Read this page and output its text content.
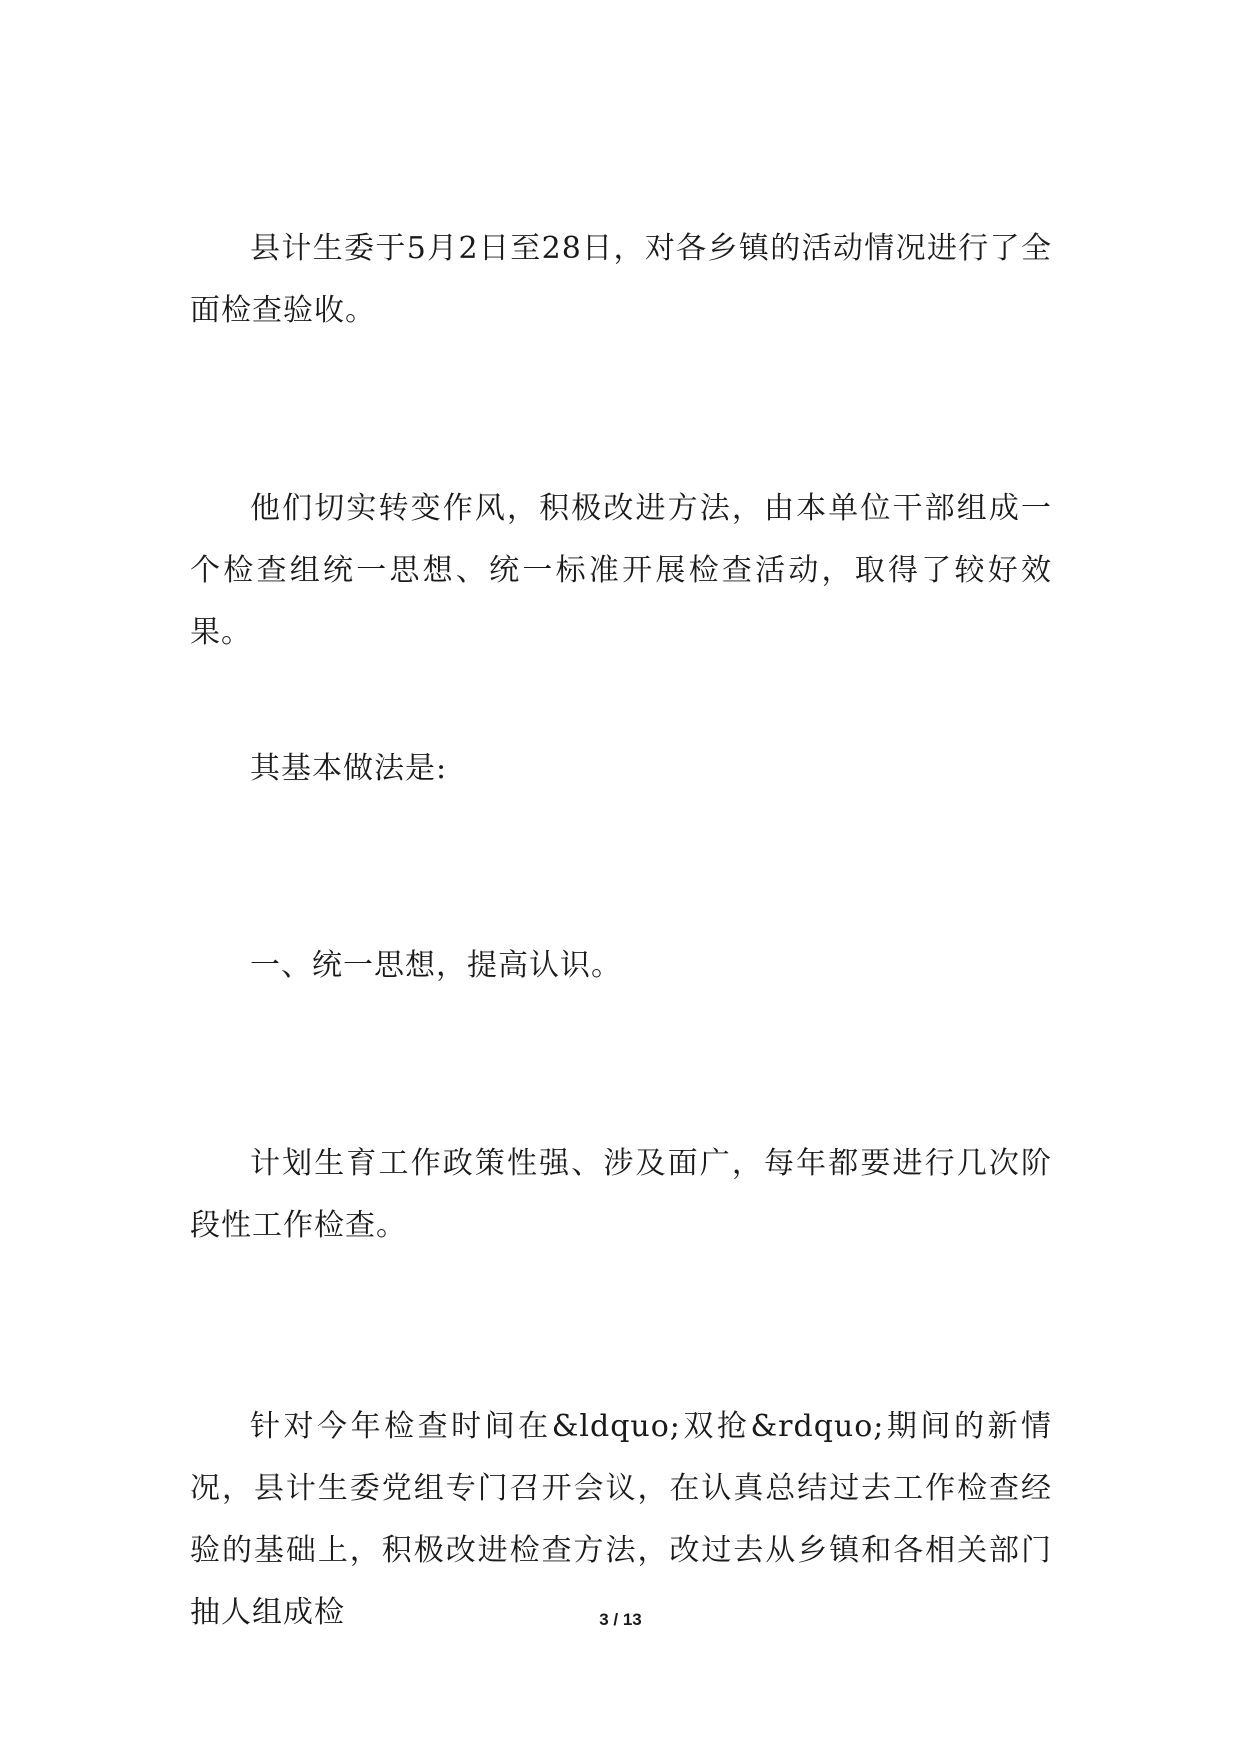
县计生委于5月2日至28日，对各乡镇的活动情况进行了全面检查验收。

他们切实转变作风，积极改进方法，由本单位干部组成一个检查组统一思想、统一标准开展检查活动，取得了较好效果。

其基本做法是:

一、统一思想，提高认识。

计划生育工作政策性强、涉及面广，每年都要进行几次阶段性工作检查。

针对今年检查时间在&ldquo;双抢&rdquo;期间的新情况，县计生委党组专门召开会议，在认真总结过去工作检查经验的基础上，积极改进检查方法，改过去从乡镇和各相关部门抽人组成检	3 / 13
